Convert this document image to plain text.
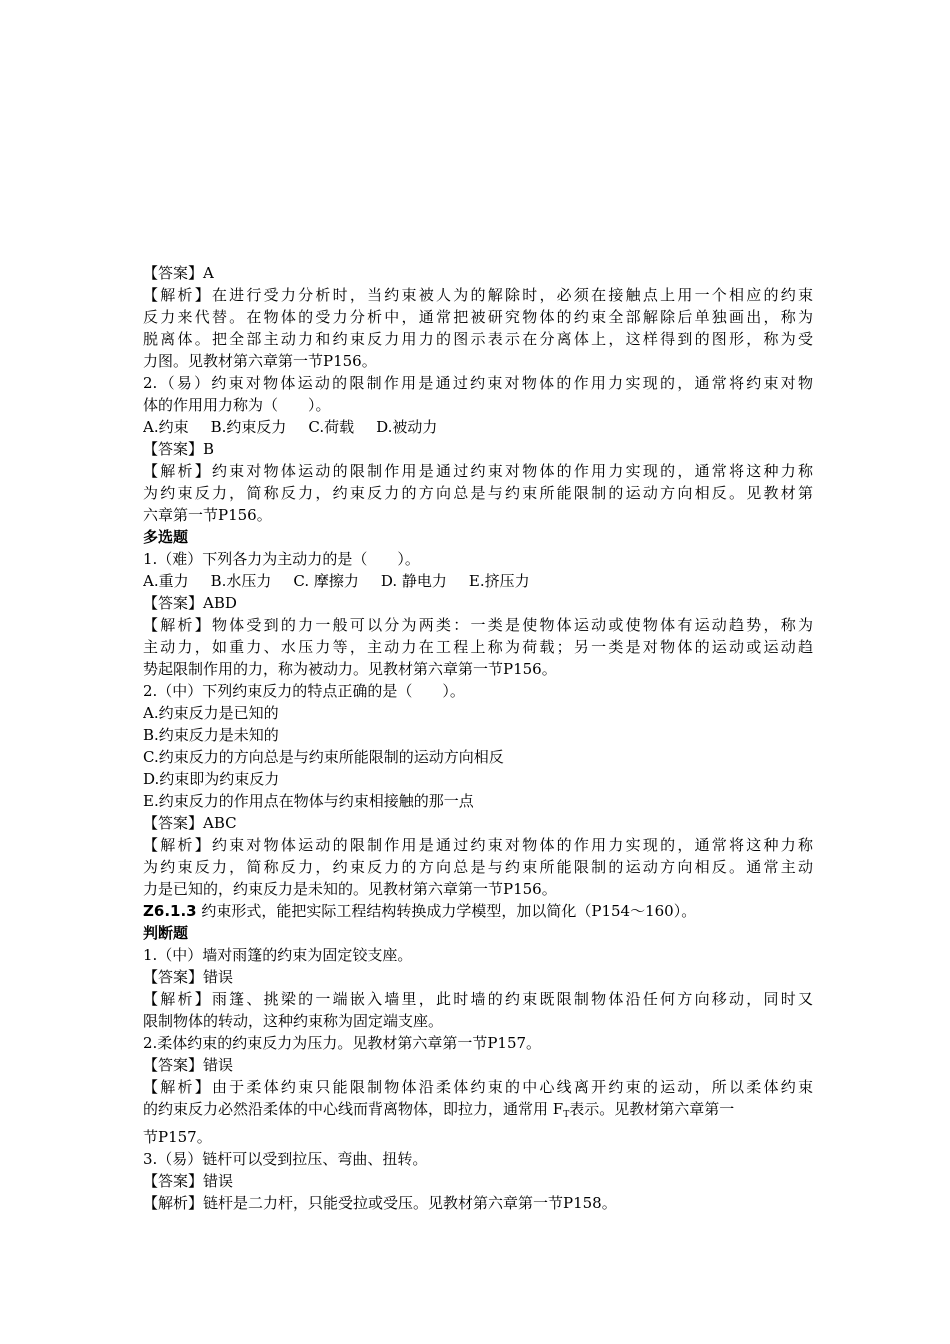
【答案】A
【解析】在进行受力分析时，当约束被人为的解除时，必须在接触点上用一个相应的约束
反力来代替。在物体的受力分析中，通常把被研究物体的约束全部解除后单独画出，称为
脱离体。把全部主动力和约束反力用力的图示表示在分离体上，这样得到的图形，称为受
力图。见教材第六章第一节P156。
2.（易）约束对物体运动的限制作用是通过约束对物体的作用力实现的，通常将约束对物
体的作用用力称为（　　）。
A.约束 B.约束反力 C.荷载 D.被动力
【答案】B
【解析】约束对物体运动的限制作用是通过约束对物体的作用力实现的，通常将这种力称
为约束反力，简称反力，约束反力的方向总是与约束所能限制的运动方向相反。见教材第
六章第一节P156。
多选题
1.（难）下列各力为主动力的是（　　）。
A.重力 B.水压力 C. 摩擦力 D. 静电力 E.挤压力
【答案】ABD
【解析】物体受到的力一般可以分为两类：一类是使物体运动或使物体有运动趋势，称为
主动力，如重力、水压力等，主动力在工程上称为荷载；另一类是对物体的运动或运动趋
势起限制作用的力，称为被动力。见教材第六章第一节P156。
2.（中）下列约束反力的特点正确的是（　　）。
A.约束反力是已知的
B.约束反力是未知的
C.约束反力的方向总是与约束所能限制的运动方向相反
D.约束即为约束反力
E.约束反力的作用点在物体与约束相接触的那一点
【答案】ABC
【解析】约束对物体运动的限制作用是通过约束对物体的作用力实现的，通常将这种力称
为约束反力，简称反力，约束反力的方向总是与约束所能限制的运动方向相反。通常主动
力是已知的，约束反力是未知的。见教材第六章第一节P156。
Z6.1.3 约束形式，能把实际工程结构转换成力学模型，加以简化（P154～160）。
判断题
1.（中）墙对雨篷的约束为固定铰支座。
【答案】错误
【解析】雨篷、挑梁的一端嵌入墙里，此时墙的约束既限制物体沿任何方向移动，同时又
限制物体的转动，这种约束称为固定端支座。
2.柔体约束的约束反力为压力。见教材第六章第一节P157。
【答案】错误
【解析】由于柔体约束只能限制物体沿柔体约束的中心线离开约束的运动，所以柔体约束
的约束反力必然沿柔体的中心线而背离物体，即拉力，通常用 $F_T$表示。见教材第六章第一
节P157。
3.（易）链杆可以受到拉压、弯曲、扭转。
【答案】错误
【解析】链杆是二力杆，只能受拉或受压。见教材第六章第一节P158。
